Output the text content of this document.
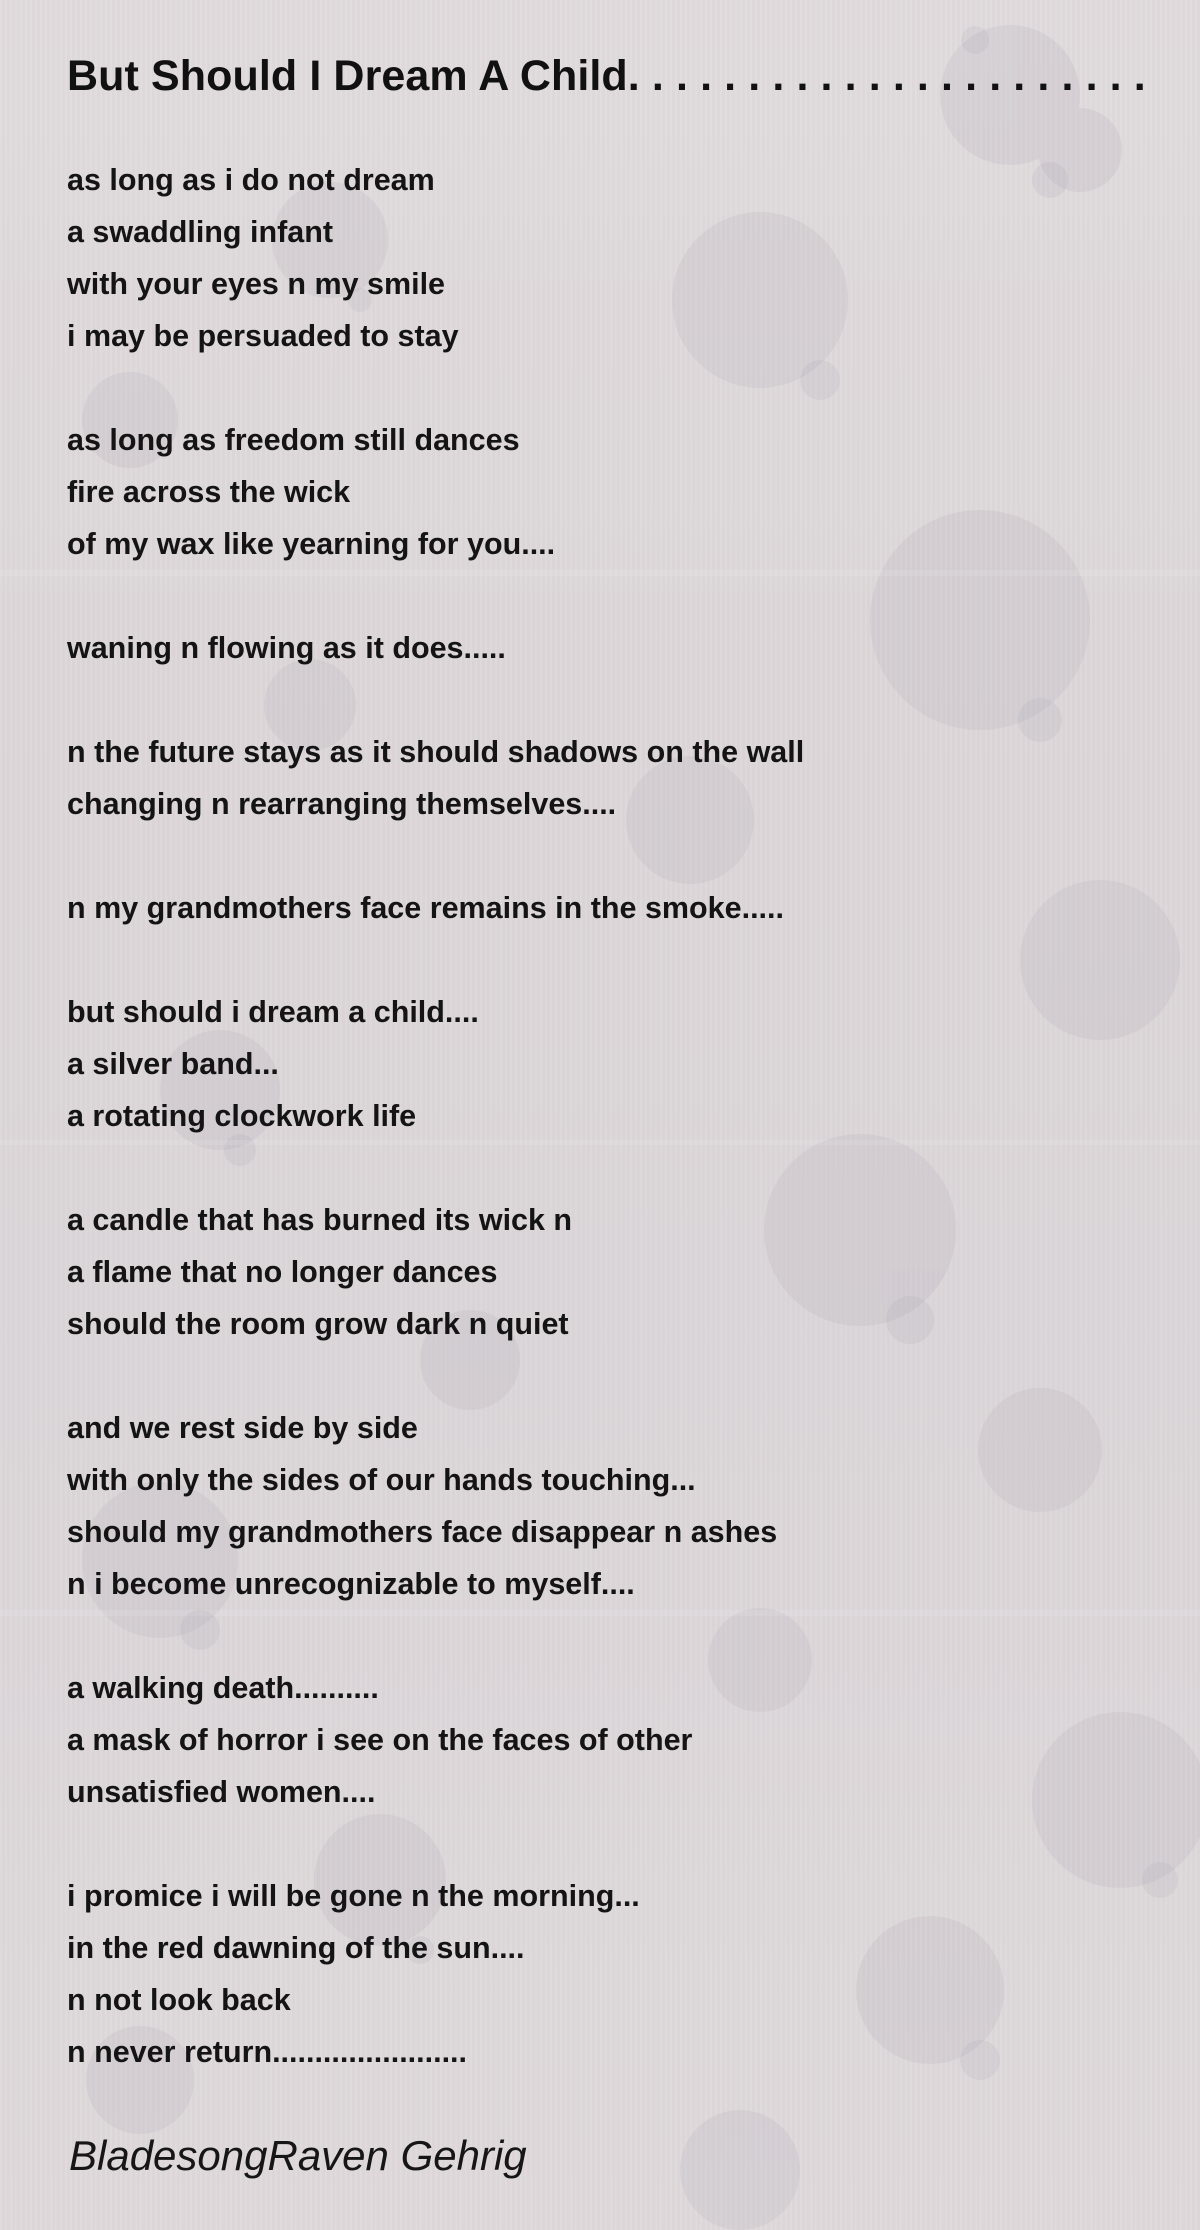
But Should I Dream A Child. . . . . . . . . . . . . . . . . . . . . .
as long as i do not dream
a swaddling infant
with your eyes n my smile
i may be persuaded to stay
as long as freedom still dances
fire across the wick
of my wax like yearning for you....
waning n flowing as it does.....
n the future stays as it should shadows on the wall
changing n rearranging themselves....
n my grandmothers face remains in the smoke.....
but should i dream a child....
a silver band...
a rotating clockwork life
a candle that has burned its wick n
a flame that no longer dances
should the room grow dark n quiet
and we rest side by side
with only the sides of our hands touching...
should my grandmothers face disappear n ashes
n i become unrecognizable to myself....
a walking death..........
a mask of horror i see on the faces of other
unsatisfied women....
i promice i will be gone n the morning...
in the red dawning of the sun....
n not look back
n never return.......................

BladesongRaven Gehrig
